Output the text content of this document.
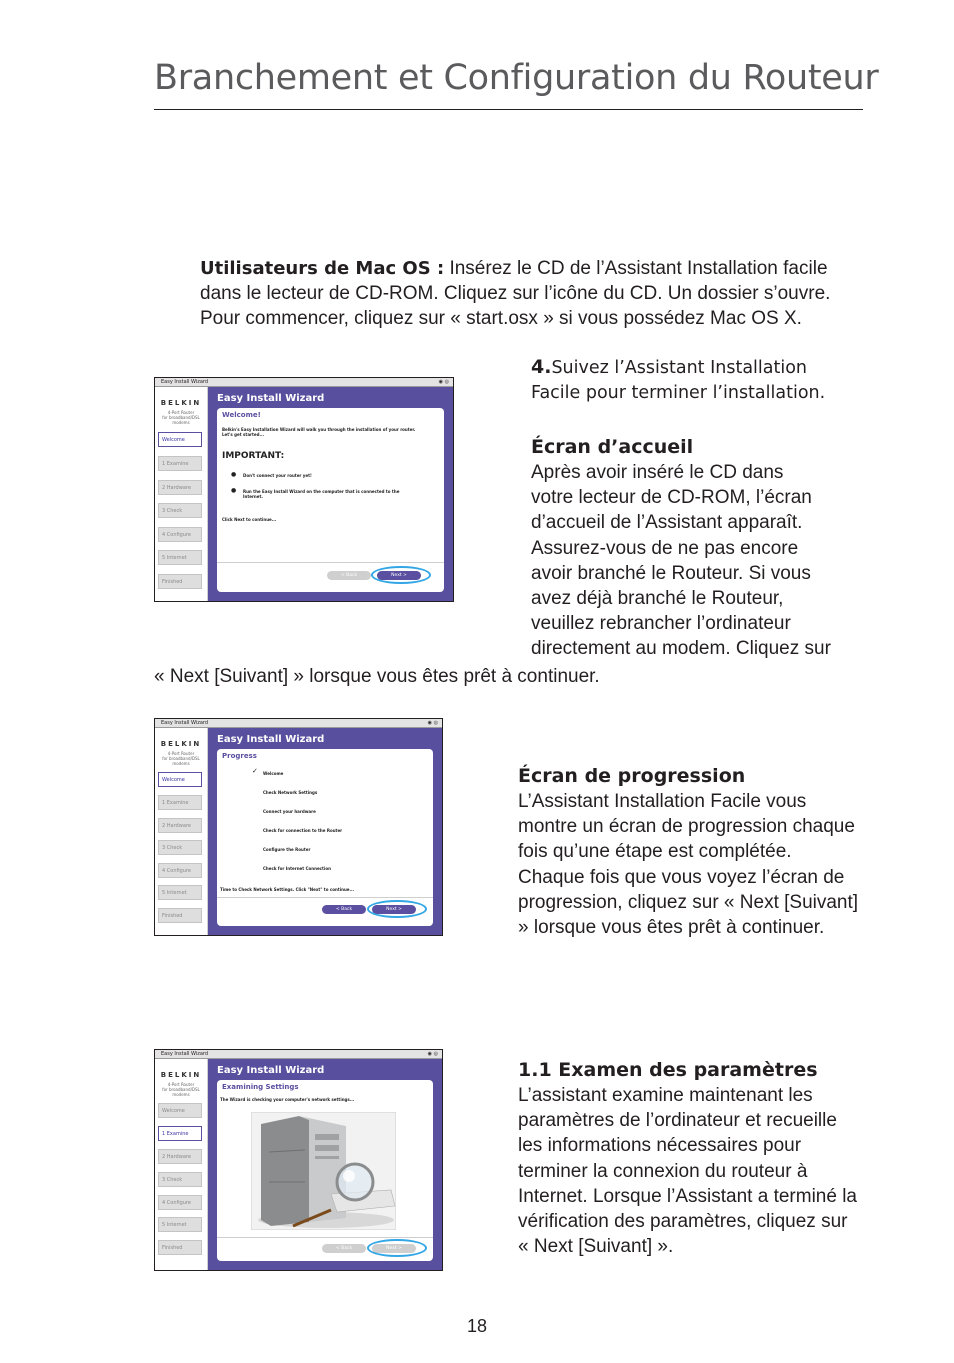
Branchement et Configuration du Routeur
Utilisateurs de Mac OS : Insérez le CD de l’Assistant Installation facile dans le lecteur de CD-ROM. Cliquez sur l’icône du CD. Un dossier s’ouvre. Pour commencer, cliquez sur « start.osx » si vous possédez Mac OS X.
4.Suivez l’Assistant Installation Facile pour terminer l’installation.
Écran d’accueil
Après avoir inséré le CD dans
votre lecteur de CD-ROM, l’écran
d’accueil de l’Assistant apparaît.
Assurez-vous de ne pas encore
avoir branché le Routeur. Si vous
avez déjà branché le Routeur,
veuillez rebrancher l’ordinateur
directement au modem. Cliquez sur
« Next [Suivant] » lorsque vous êtes prêt à continuer.
Écran de progression
L’Assistant Installation Facile vous montre un écran de progression chaque fois qu’une étape est complétée. Chaque fois que vous voyez l’écran de progression, cliquez sur « Next [Suivant] » lorsque vous êtes prêt à continuer.
1.1 Examen des paramètres
L’assistant examine maintenant les paramètres de l’ordinateur et recueille les informations nécessaires pour terminer la connexion du routeur à Internet. Lorsque l’Assistant a terminé la vérification des paramètres, cliquez sur « Next [Suivant] ».
Easy Install Wizard	◉ ◎
BELKIN
4-Port Router
for broadband/DSL modems
Welcome
1 Examine
2 Hardware
3 Check
4 Configure
5 Internet
Finished
Easy Install Wizard
Welcome!
Belkin's Easy Installation Wizard will walk you through the installation of your router. Let's get started...
IMPORTANT:
● Don't connect your router yet!
● Run the Easy Install Wizard on the computer that is connected to the Internet.
Click Next to continue...
< Back	Next >
Easy Install Wizard	◉ ◎
BELKIN
4-Port Router
for broadband/DSL modems
Welcome
1 Examine
2 Hardware
3 Check
4 Configure
5 Internet
Finished
Easy Install Wizard
Progress
✓ Welcome
Check Network Settings
Connect your hardware
Check for connection to the Router
Configure the Router
Check for Internet Connection
Time to Check Network Settings. Click "Next" to continue...
< Back	Next >
Easy Install Wizard	◉ ◎
BELKIN
4-Port Router
for broadband/DSL modems
Welcome
1 Examine
2 Hardware
3 Check
4 Configure
5 Internet
Finished
Easy Install Wizard
Examining Settings
The Wizard is checking your computer's network settings...
< Back	Next >
18
